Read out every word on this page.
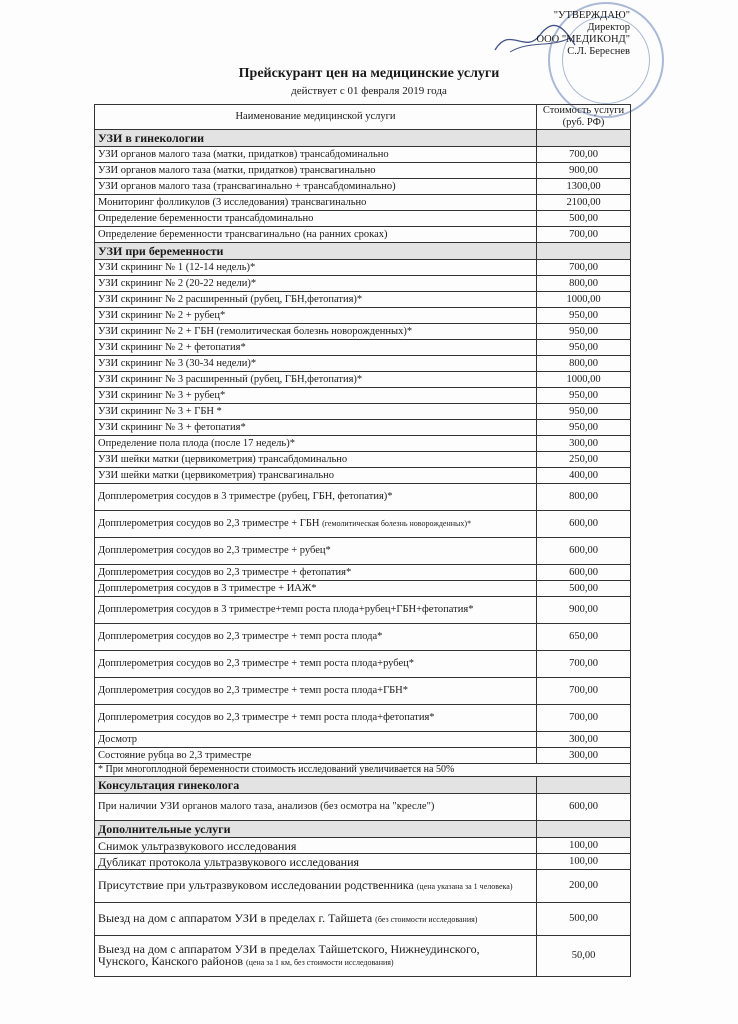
"УТВЕРЖДАЮ"
Директор
ООО "МЕДИКОНД"
С.Л. Береснев
Прейскурант цен на медицинские услуги
действует с 01 февраля 2019 года
Наименование медицинской услуги	Стоимость услуги (руб. РФ)
УЗИ в гинекологии	
УЗИ органов малого таза (матки, придатков) трансабдоминально	700,00
УЗИ органов малого таза (матки, придатков) трансвагинально	900,00
УЗИ органов малого таза (трансвагинально + трансабдоминально)	1300,00
Мониторинг фолликулов (3 исследования) трансвагинально	2100,00
Определение беременности трансабдоминально	500,00
Определение беременности трансвагинально (на ранних сроках)	700,00
УЗИ при беременности	
УЗИ скрининг № 1 (12-14 недель)*	700,00
УЗИ скрининг № 2 (20-22 недели)*	800,00
УЗИ скрининг № 2 расширенный (рубец, ГБН,фетопатия)*	1000,00
УЗИ скрининг № 2 + рубец*	950,00
УЗИ скрининг № 2 + ГБН (гемолитическая болезнь новорожденных)*	950,00
УЗИ скрининг № 2 + фетопатия*	950,00
УЗИ скрининг № 3 (30-34 недели)*	800,00
УЗИ скрининг № 3 расширенный (рубец, ГБН,фетопатия)*	1000,00
УЗИ скрининг № 3 + рубец*	950,00
УЗИ скрининг № 3 + ГБН *	950,00
УЗИ скрининг № 3 + фетопатия*	950,00
Определение пола плода (после 17 недель)*	300,00
УЗИ шейки матки (цервикометрия) трансабдоминально	250,00
УЗИ шейки матки (цервикометрия) трансвагинально	400,00
Допплерометрия сосудов в 3 триместре (рубец, ГБН, фетопатия)*	800,00
Допплерометрия сосудов во 2,3 триместре + ГБН (гемолитическая болезнь новорожденных)*	600,00
Допплерометрия сосудов во 2,3 триместре + рубец*	600,00
Допплерометрия сосудов во 2,3 триместре + фетопатия*	600,00
Допплерометрия сосудов в 3 триместре + ИАЖ*	500,00
Допплерометрия сосудов в 3 триместре+темп роста плода+рубец+ГБН+фетопатия*	900,00
Допплерометрия сосудов во 2,3 триместре + темп роста плода*	650,00
Допплерометрия сосудов во 2,3 триместре + темп роста плода+рубец*	700,00
Допплерометрия сосудов во 2,3 триместре + темп роста плода+ГБН*	700,00
Допплерометрия сосудов во 2,3 триместре + темп роста плода+фетопатия*	700,00
Досмотр	300,00
Состояние рубца во 2,3 триместре	300,00
* При многоплодной беременности стоимость исследований увеличивается на 50%	
Консультация гинеколога	
При наличии УЗИ органов малого таза, анализов (без осмотра на "кресле")	600,00
Дополнительные услуги	
Снимок ультразвукового исследования	100,00
Дубликат протокола ультразвукового исследования	100,00
Присутствие при ультразвуковом исследовании родственника (цена указана за 1 человека)	200,00
Выезд на дом с аппаратом УЗИ в пределах г. Тайшета (без стоимости исследования)	500,00
Выезд на дом с аппаратом УЗИ в пределах Тайшетского, Нижнеудинского, Чунского, Канского районов (цена за 1 км, без стоимости исследования)	50,00
